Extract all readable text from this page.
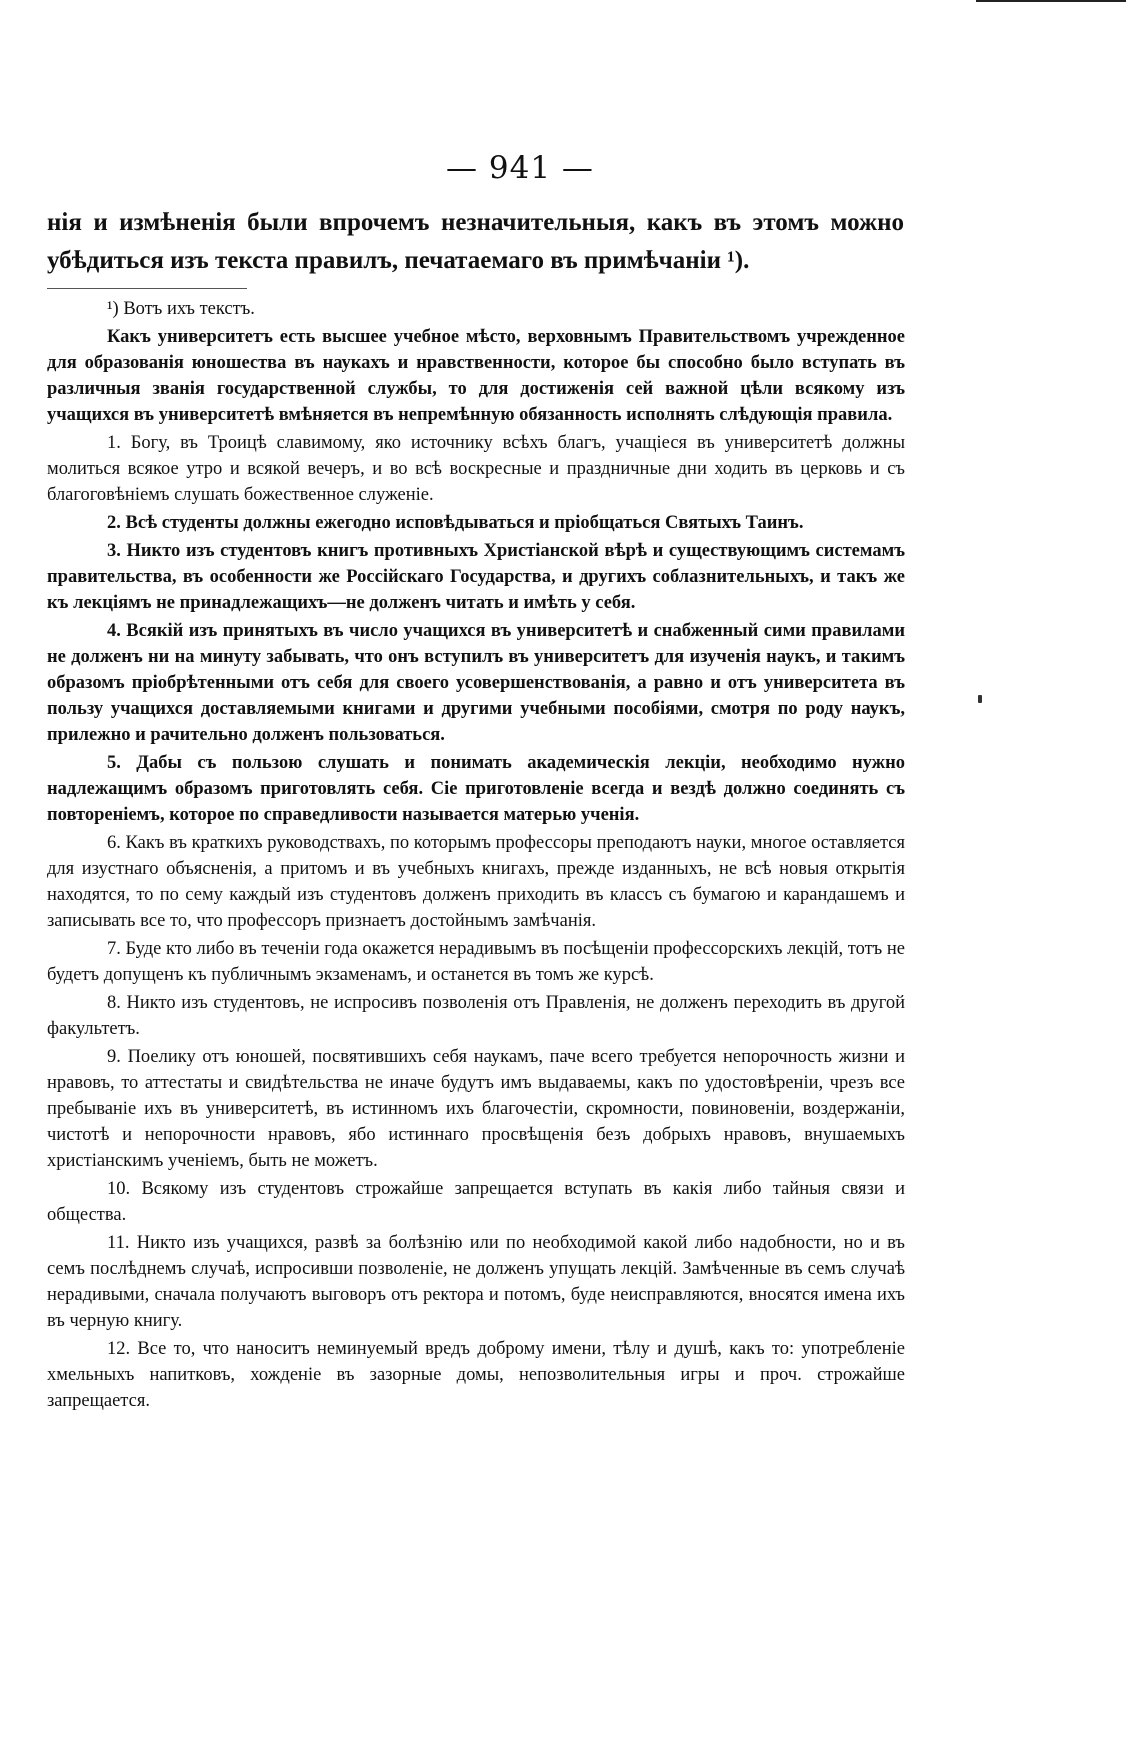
— 941 —

нія и измѣненія были впрочемъ незначительныя, какъ въ этомъ можно убѣдиться изъ текста правилъ, печатаемаго въ примѣчаніи ¹).

¹) Вотъ ихъ текстъ.

Какъ университетъ есть высшее учебное мѣсто, верховнымъ Правительствомъ учрежденное для образованія юношества въ наукахъ и нравственности, которое бы способно было вступать въ различныя званія государственной службы, то для достиженія сей важной цѣли всякому изъ учащихся въ университетѣ вмѣняется въ непремѣнную обязанность исполнять слѣдующія правила.

1. Богу, въ Троицѣ славимому, яко источнику всѣхъ благъ, учащіеся въ университетѣ должны молиться всякое утро и всякой вечеръ, и во всѣ воскресные и праздничные дни ходить въ церковь и съ благоговѣніемъ слушать божественное служеніе.

2. Всѣ студенты должны ежегодно исповѣдываться и пріобщаться Святыхъ Таинъ.

3. Никто изъ студентовъ книгъ противныхъ Христіанской вѣрѣ и существующимъ системамъ правительства, въ особенности же Россійскаго Государства, и другихъ соблазнительныхъ, и такъ же къ лекціямъ не принадлежащихъ—не долженъ читать и имѣть у себя.

4. Всякій изъ принятыхъ въ число учащихся въ университетѣ и снабженный сими правилами не долженъ ни на минуту забывать, что онъ вступилъ въ университетъ для изученія наукъ, и такимъ образомъ пріобрѣтенными отъ себя для своего усовершенствованія, а равно и отъ университета въ пользу учащихся доставляемыми книгами и другими учебными пособіями, смотря по роду наукъ, прилежно и рачительно долженъ пользоваться.

5. Дабы съ пользою слушать и понимать академическія лекціи, необходимо нужно надлежащимъ образомъ приготовлять себя. Сіе приготовленіе всегда и вездѣ должно соединять съ повтореніемъ, которое по справедливости называется матерью ученія.

6. Какъ въ краткихъ руководствахъ, по которымъ профессоры преподаютъ науки, многое оставляется для изустнаго объясненія, а притомъ и въ учебныхъ книгахъ, прежде изданныхъ, не всѣ новыя открытія находятся, то по сему каждый изъ студентовъ долженъ приходить въ классъ съ бумагою и карандашемъ и записывать все то, что профессоръ признаетъ достойнымъ замѣчанія.

7. Буде кто либо въ теченіи года окажется нерадивымъ въ посѣщеніи профессорскихъ лекцій, тотъ не будетъ допущенъ къ публичнымъ экзаменамъ, и останется въ томъ же курсѣ.

8. Никто изъ студентовъ, не испросивъ позволенія отъ Правленія, не долженъ переходить въ другой факультетъ.

9. Поелику отъ юношей, посвятившихъ себя наукамъ, паче всего требуется непорочность жизни и нравовъ, то аттестаты и свидѣтельства не иначе будутъ имъ выдаваемы, какъ по удостовѣреніи, чрезъ все пребываніе ихъ въ университетѣ, въ истинномъ ихъ благочестіи, скромности, повиновеніи, воздержаніи, чистотѣ и непорочности нравовъ, ябо истиннаго просвѣщенія безъ добрыхъ нравовъ, внушаемыхъ христіанскимъ ученіемъ, быть не можетъ.

10. Всякому изъ студентовъ строжайше запрещается вступать въ какія либо тайныя связи и общества.

11. Никто изъ учащихся, развѣ за болѣзнію или по необходимой какой либо надобности, но и въ семъ послѣднемъ случаѣ, испросивши позволеніе, не долженъ упущать лекцій. Замѣченные въ семъ случаѣ нерадивыми, сначала получаютъ выговоръ отъ ректора и потомъ, буде неисправляются, вносятся имена ихъ въ черную книгу.

12. Все то, что наноситъ неминуемый вредъ доброму имени, тѣлу и душѣ, какъ то: употребленіе хмельныхъ напитковъ, хожденіе въ зазорные домы, непозволительныя игры и проч. строжайше запрещается.
